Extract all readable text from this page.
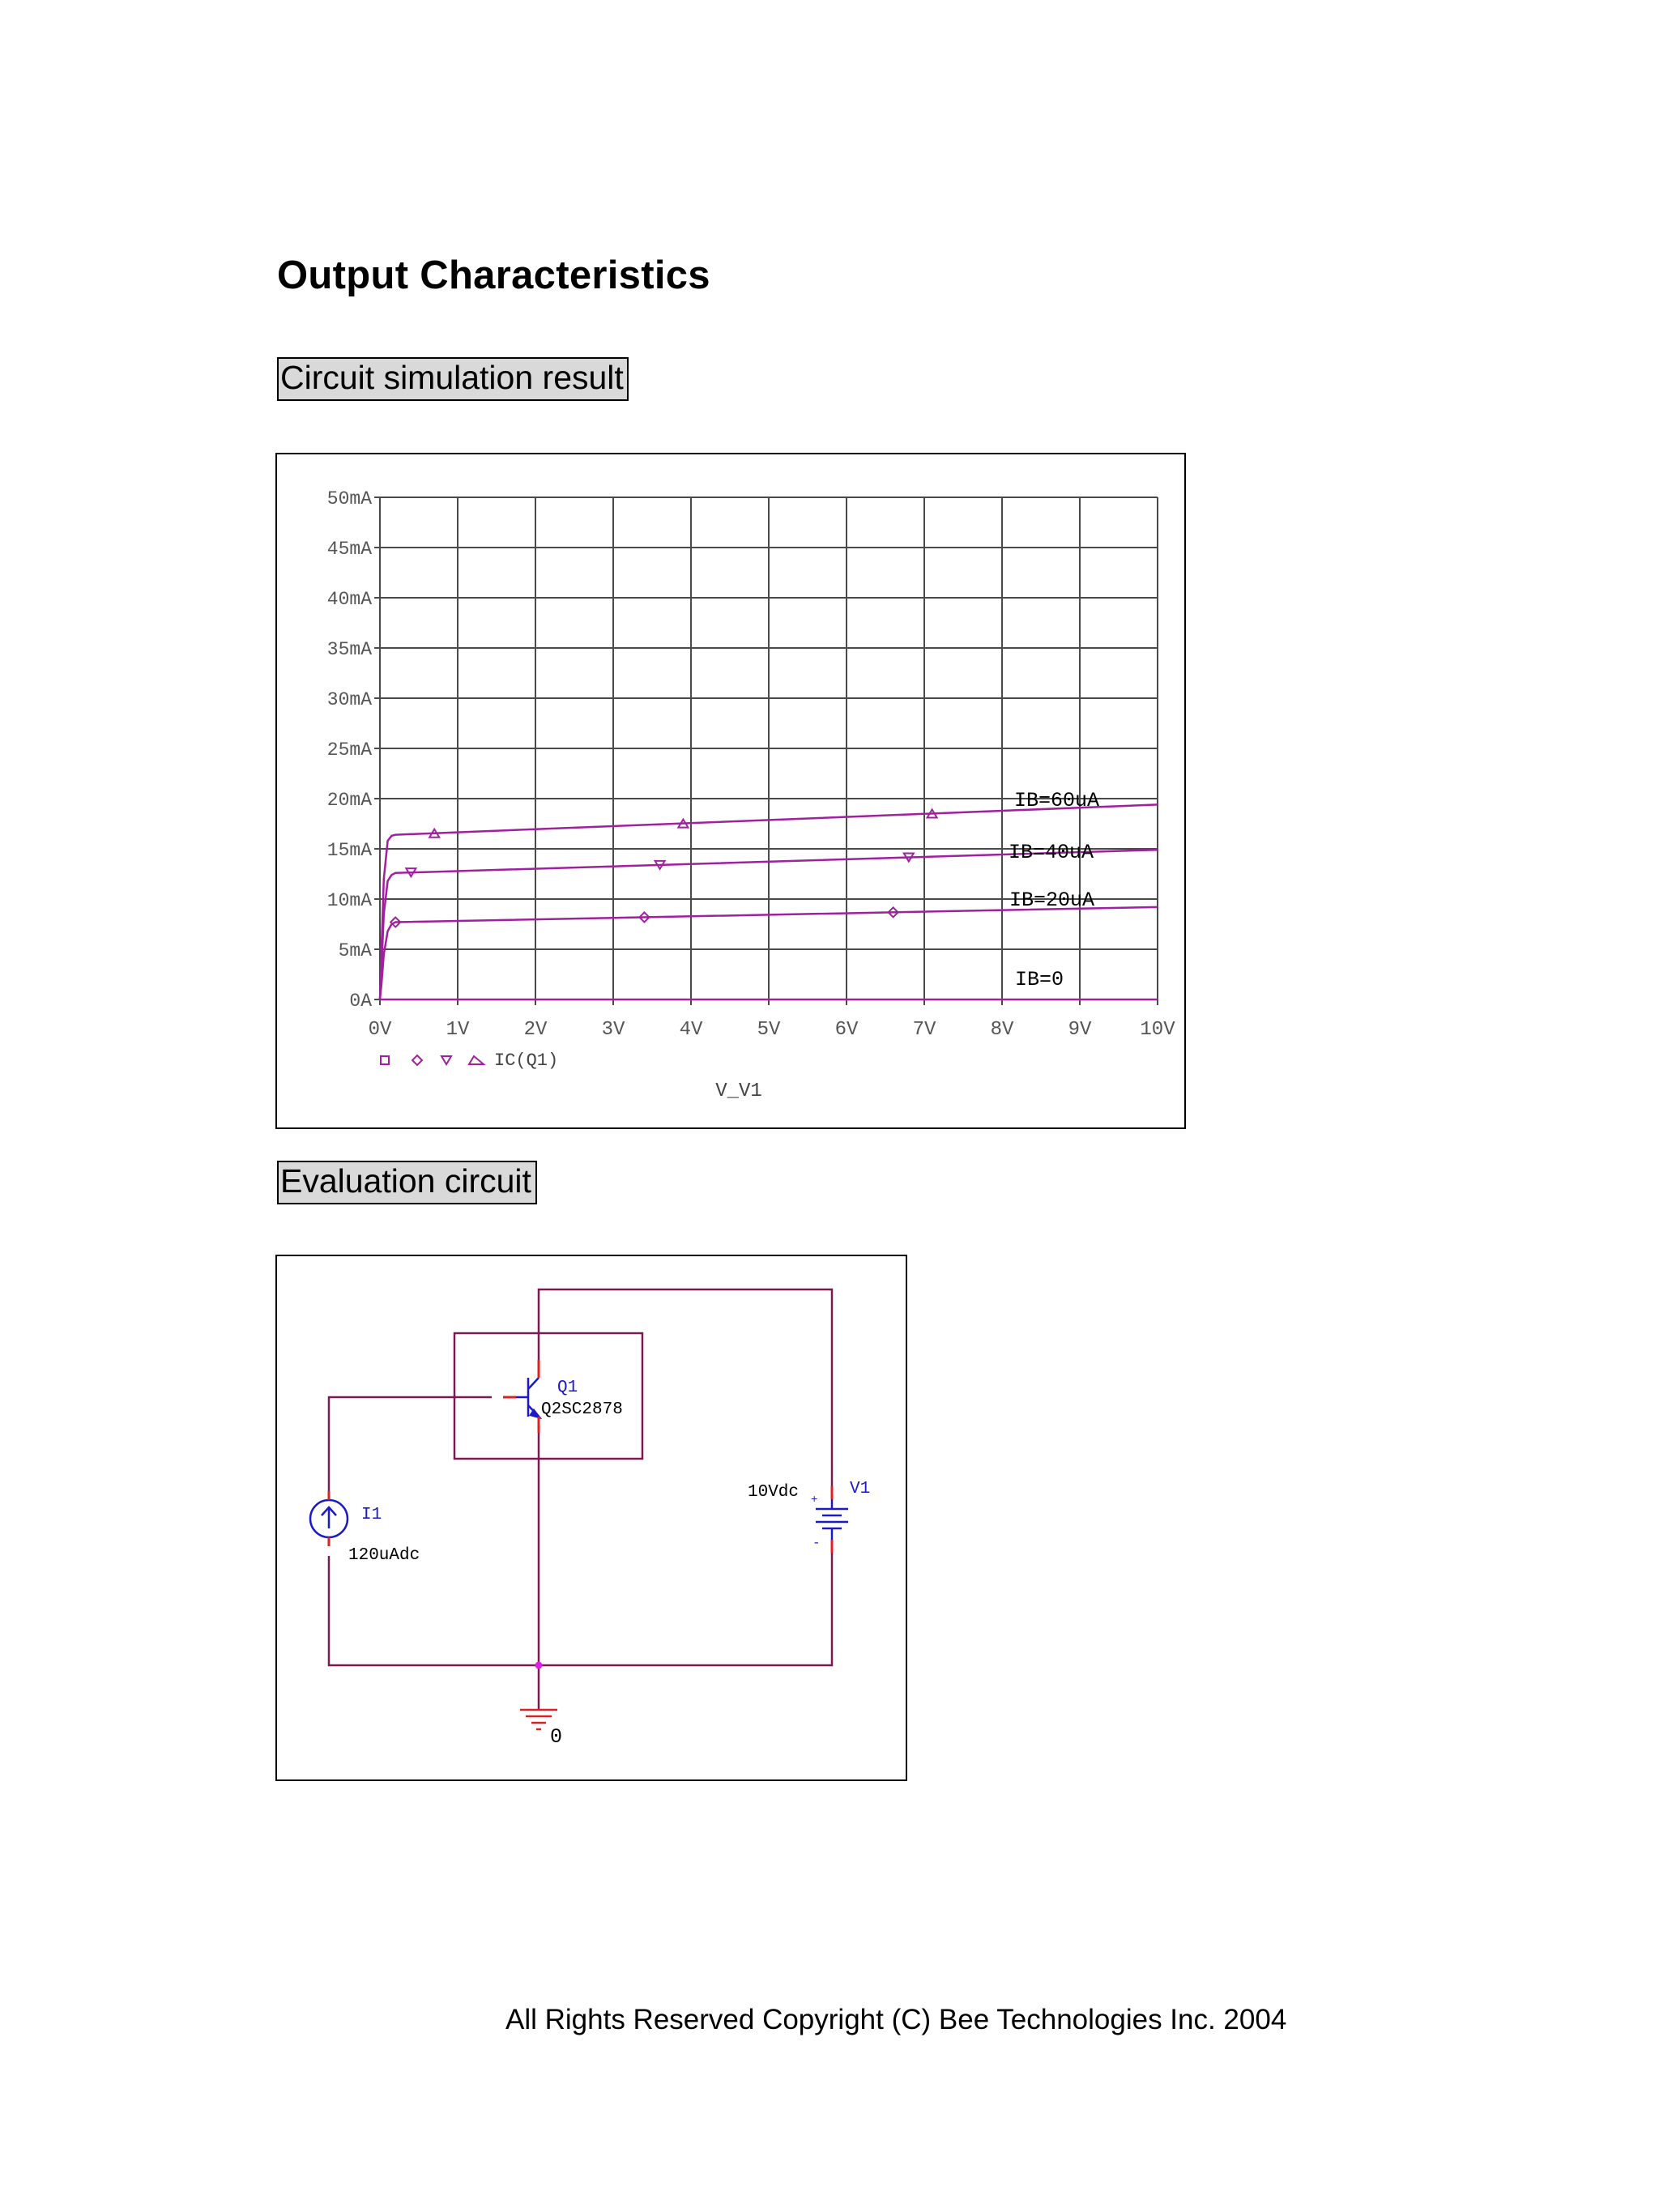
Output Characteristics
Circuit simulation result
0V	1V	2V	3V	4V	5V	6V	7V	8V	9V 10V
0A
5mA
10mA
15mA
20mA
25mA
30mA
35mA
40mA
45mA
50mA
IB=60uA
IB=40uA
IB=20uA
IB=0
IC(Q1)
V_V1
Evaluation circuit
Q1
Q2SC2878
I1
120uAdc
+
-
V1
10Vdc
0
All Rights Reserved Copyright (C) Bee Technologies Inc. 2004
